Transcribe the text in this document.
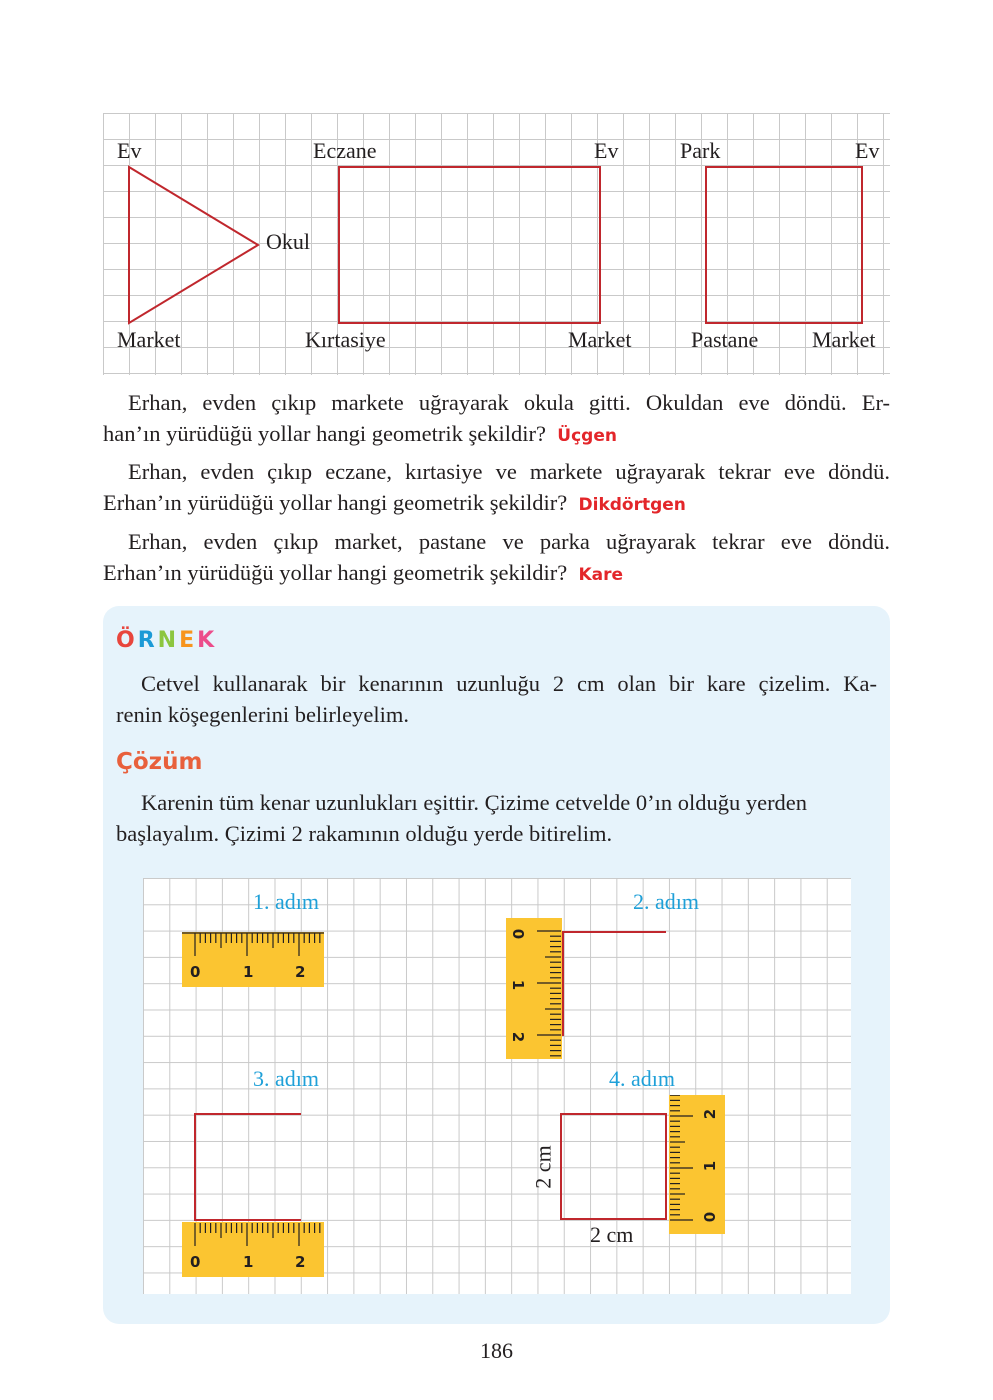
Ev
Okul
Market
Eczane	Ev
Kırtasiye	Market
Park	Ev
Pastane Market
Erhan, evden çıkıp markete uğrayarak okula gitti. Okuldan eve döndü. Er-
han’ın yürüdüğü yollar hangi geometrik şekildir? Üçgen
Erhan, evden çıkıp eczane, kırtasiye ve markete uğrayarak tekrar eve döndü.
Erhan’ın yürüdüğü yollar hangi geometrik şekildir? Dikdörtgen
Erhan, evden çıkıp market, pastane ve parka uğrayarak tekrar eve döndü.
Erhan’ın yürüdüğü yollar hangi geometrik şekildir? Kare
ÖRNEK
Cetvel kullanarak bir kenarının uzunluğu 2 cm olan bir kare çizelim. Ka-
renin köşegenlerini belirleyelim.
Çözüm
Karenin tüm kenar uzunlukları eşittir. Çizime cetvelde 0’ın olduğu yerden
başlayalım. Çizimi 2 rakamının olduğu yerde bitirelim.
1. adım	2. adım
3. adım	4. adım
0	1	2
0
1
2
0	1	2
2
1
0
2 cm
2 cm
186
